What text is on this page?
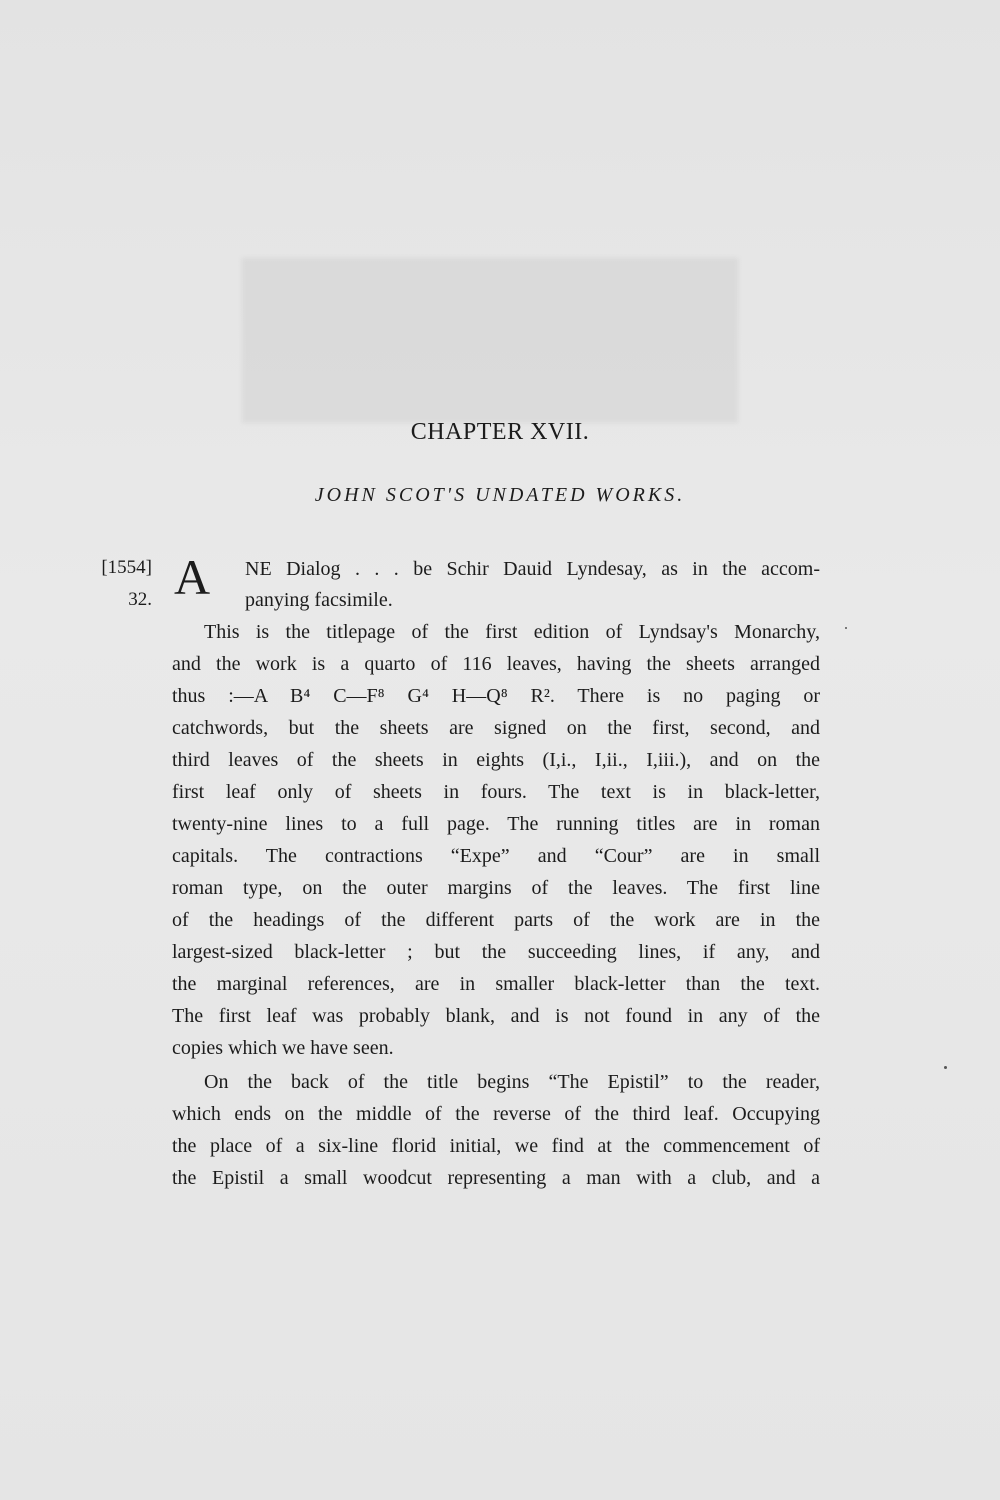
CHAPTER XVII.
JOHN SCOT'S UNDATED WORKS.
[1554]
32. A NE Dialog . . . be Schir Dauid Lyndesay, as in the accom-
panying facsimile.

This is the titlepage of the first edition of Lyndsay's Monarchy,
and the work is a quarto of 116 leaves, having the sheets arranged
thus :—A B⁴ C—F⁸ G⁴ H—Q⁸ R². There is no paging or
catchwords, but the sheets are signed on the first, second, and
third leaves of the sheets in eights (I,i., I,ii., I,iii.), and on the
first leaf only of sheets in fours. The text is in black-letter,
twenty-nine lines to a full page. The running titles are in roman
capitals. The contractions “Expe” and “Cour” are in small
roman type, on the outer margins of the leaves. The first line
of the headings of the different parts of the work are in the
largest-sized black-letter ; but the succeeding lines, if any, and
the marginal references, are in smaller black-letter than the text.
The first leaf was probably blank, and is not found in any of the
copies which we have seen.

On the back of the title begins “The Epistil” to the reader,
which ends on the middle of the reverse of the third leaf. Occupying
the place of a six-line florid initial, we find at the commencement of
the Epistil a small woodcut representing a man with a club, and a
